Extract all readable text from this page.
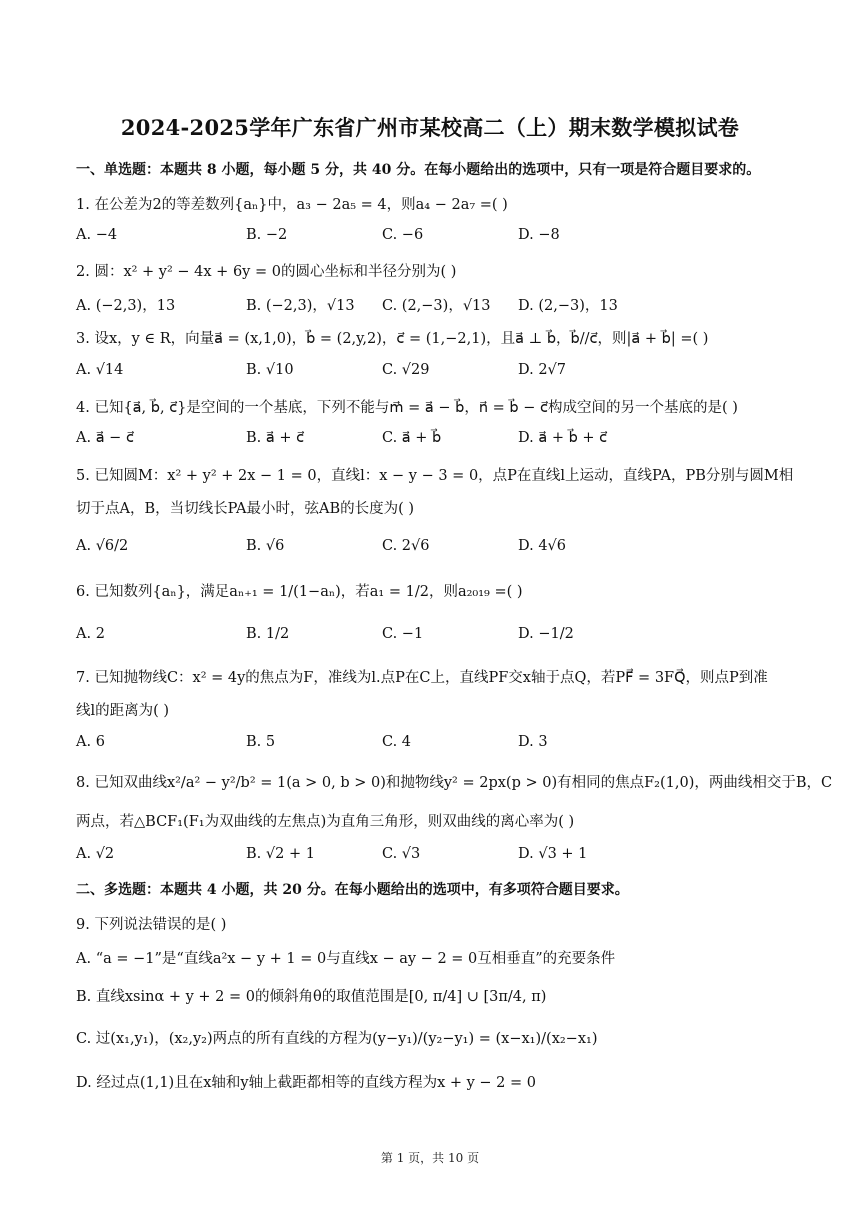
2024-2025学年广东省广州市某校高二（上）期末数学模拟试卷
一、单选题：本题共 8 小题，每小题 5 分，共 40 分。在每小题给出的选项中，只有一项是符合题目要求的。
1. 在公差为2的等差数列{aₙ}中，a₃ − 2a₅ = 4，则a₄ − 2a₇ =( )
A. −4	B. −2	C. −6	D. −8
2. 圆：x² + y² − 4x + 6y = 0的圆心坐标和半径分别为( )
A. (−2,3)，13	B. (−2,3)，√13 C. (2,−3)，√13 D. (2,−3)，13
3. 设x，y ∈ R，向量a⃗ = (x,1,0)，b⃗ = (2,y,2)，c⃗ = (1,−2,1)，且a⃗ ⊥ b⃗，b⃗//c⃗，则|a⃗ + b⃗| =( )
A. √14	B. √10	C. √29	D. 2√7
4. 已知{a⃗, b⃗, c⃗}是空间的一个基底，下列不能与m⃗ = a⃗ − b⃗，n⃗ = b⃗ − c⃗构成空间的另一个基底的是( )
A. a⃗ − c⃗	B. a⃗ + c⃗	C. a⃗ + b⃗	D. a⃗ + b⃗ + c⃗
5. 已知圆M：x² + y² + 2x − 1 = 0，直线l：x − y − 3 = 0，点P在直线l上运动，直线PA，PB分别与圆M相
切于点A，B，当切线长PA最小时，弦AB的长度为( )
A. √6/2	B. √6	C. 2√6	D. 4√6
6. 已知数列{aₙ}，满足aₙ₊₁ = 1/(1−aₙ)，若a₁ = 1/2，则a₂₀₁₉ =( )
A. 2	B. 1/2	C. −1	D. −1/2
7. 已知抛物线C：x² = 4y的焦点为F，准线为l.点P在C上，直线PF交x轴于点Q，若PF⃗ = 3FQ⃗，则点P到准
线l的距离为( )
A. 6	B. 5	C. 4	D. 3
8. 已知双曲线x²/a² − y²/b² = 1(a > 0, b > 0)和抛物线y² = 2px(p > 0)有相同的焦点F₂(1,0)，两曲线相交于B，C
两点，若△BCF₁(F₁为双曲线的左焦点)为直角三角形，则双曲线的离心率为( )
A. √2	B. √2 + 1	C. √3	D. √3 + 1
二、多选题：本题共 4 小题，共 20 分。在每小题给出的选项中，有多项符合题目要求。
9. 下列说法错误的是( )
A. “a = −1”是“直线a²x − y + 1 = 0与直线x − ay − 2 = 0互相垂直”的充要条件
B. 直线xsinα + y + 2 = 0的倾斜角θ的取值范围是[0, π/4] ∪ [3π/4, π)
C. 过(x₁,y₁)，(x₂,y₂)两点的所有直线的方程为(y−y₁)/(y₂−y₁) = (x−x₁)/(x₂−x₁)
D. 经过点(1,1)且在x轴和y轴上截距都相等的直线方程为x + y − 2 = 0
第 1 页，共 10 页
